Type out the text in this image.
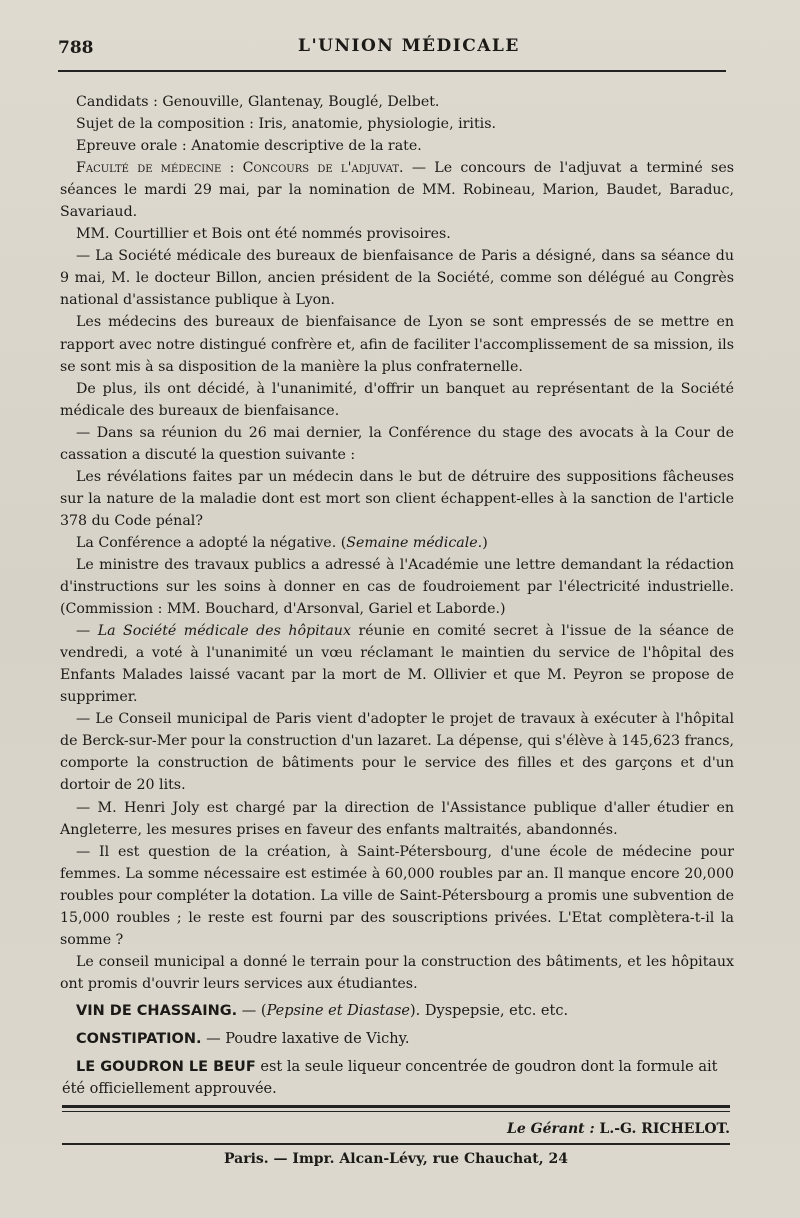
788	L'UNION MÉDICALE

Candidats : Genouville, Glantenay, Bouglé, Delbet.

Sujet de la composition : Iris, anatomie, physiologie, iritis.

Epreuve orale : Anatomie descriptive de la rate.

Faculté de médecine : Concours de l'adjuvat. — Le concours de l'adjuvat a terminé ses séances le mardi 29 mai, par la nomination de MM. Robineau, Marion, Baudet, Baraduc, Savariaud.

MM. Courtillier et Bois ont été nommés provisoires.

— La Société médicale des bureaux de bienfaisance de Paris a désigné, dans sa séance du 9 mai, M. le docteur Billon, ancien président de la Société, comme son délégué au Congrès national d'assistance publique à Lyon.

Les médecins des bureaux de bienfaisance de Lyon se sont empressés de se mettre en rapport avec notre distingué confrère et, afin de faciliter l'accomplissement de sa mission, ils se sont mis à sa disposition de la manière la plus confraternelle.

De plus, ils ont décidé, à l'unanimité, d'offrir un banquet au représentant de la Société médicale des bureaux de bienfaisance.

— Dans sa réunion du 26 mai dernier, la Conférence du stage des avocats à la Cour de cassation a discuté la question suivante :

Les révélations faites par un médecin dans le but de détruire des suppositions fâcheuses sur la nature de la maladie dont est mort son client échappent-elles à la sanction de l'article 378 du Code pénal?

La Conférence a adopté la négative. (Semaine médicale.)

Le ministre des travaux publics a adressé à l'Académie une lettre demandant la rédaction d'instructions sur les soins à donner en cas de foudroiement par l'électricité industrielle. (Commission : MM. Bouchard, d'Arsonval, Gariel et Laborde.)

— La Société médicale des hôpitaux réunie en comité secret à l'issue de la séance de vendredi, a voté à l'unanimité un vœu réclamant le maintien du service de l'hôpital des Enfants Malades laissé vacant par la mort de M. Ollivier et que M. Peyron se propose de supprimer.

— Le Conseil municipal de Paris vient d'adopter le projet de travaux à exécuter à l'hôpital de Berck-sur-Mer pour la construction d'un lazaret. La dépense, qui s'élève à 145,623 francs, comporte la construction de bâtiments pour le service des filles et des garçons et d'un dortoir de 20 lits.

— M. Henri Joly est chargé par la direction de l'Assistance publique d'aller étudier en Angleterre, les mesures prises en faveur des enfants maltraités, abandonnés.

— Il est question de la création, à Saint-Pétersbourg, d'une école de médecine pour femmes. La somme nécessaire est estimée à 60,000 roubles par an. Il manque encore 20,000 roubles pour compléter la dotation. La ville de Saint-Pétersbourg a promis une subvention de 15,000 roubles ; le reste est fourni par des souscriptions privées. L'Etat complètera-t-il la somme ?

Le conseil municipal a donné le terrain pour la construction des bâtiments, et les hôpitaux ont promis d'ouvrir leurs services aux étudiantes.

VIN DE CHASSAING. — (Pepsine et Diastase). Dyspepsie, etc. etc.

CONSTIPATION. — Poudre laxative de Vichy.

LE GOUDRON LE BEUF est la seule liqueur concentrée de goudron dont la formule ait été officiellement approuvée.

Le Gérant : L.-G. RICHELOT.
Paris. — Impr. Alcan-Lévy, rue Chauchat, 24
